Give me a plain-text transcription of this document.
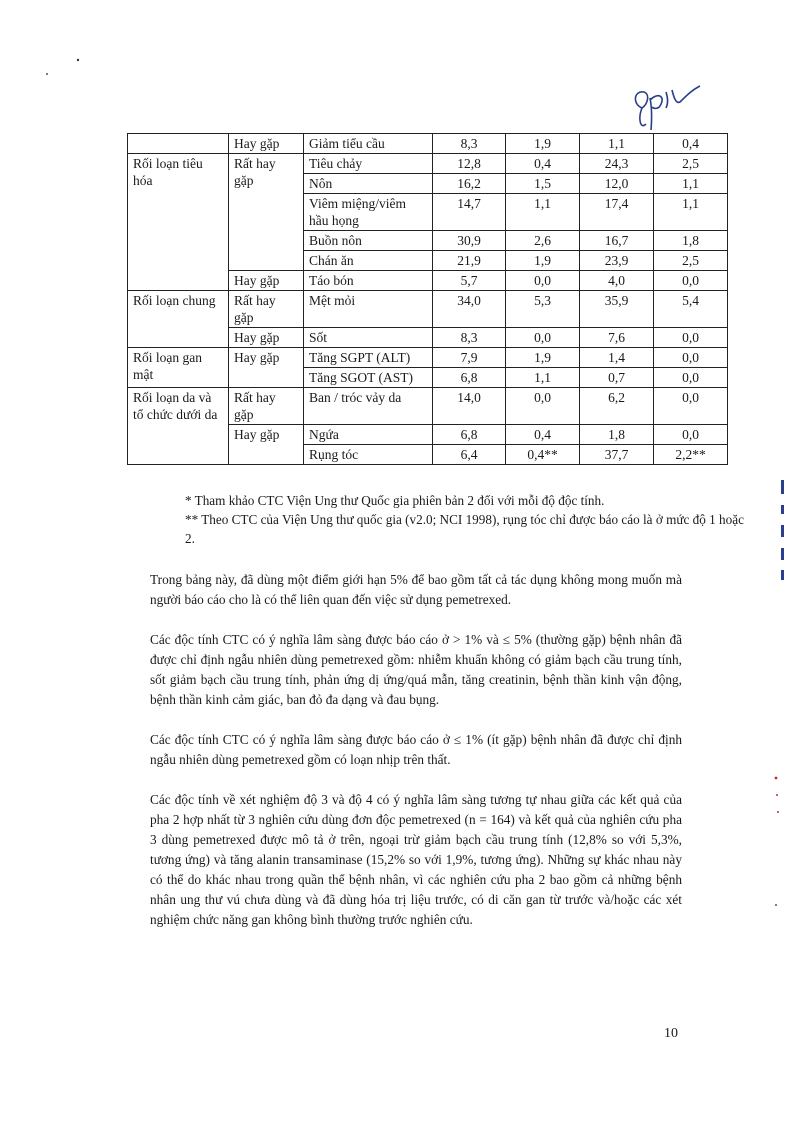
	Hay gặp	Giảm tiểu cầu	8,3	1,9	1,1	0,4
Rối loạn tiêu hóa	Rất hay gặp	Tiêu chảy	12,8	0,4	24,3	2,5
		Nôn	16,2	1,5	12,0	1,1
		Viêm miệng/viêm hầu họng	14,7	1,1	17,4	1,1
		Buồn nôn	30,9	2,6	16,7	1,8
		Chán ăn	21,9	1,9	23,9	2,5
	Hay gặp	Táo bón	5,7	0,0	4,0	0,0
Rối loạn chung	Rất hay gặp	Mệt mỏi	34,0	5,3	35,9	5,4
	Hay gặp	Sốt	8,3	0,0	7,6	0,0
Rối loạn gan mật	Hay gặp	Tăng SGPT (ALT)	7,9	1,9	1,4	0,0
		Tăng SGOT (AST)	6,8	1,1	0,7	0,0
Rối loạn da và tổ chức dưới da	Rất hay gặp	Ban / tróc vảy da	14,0	0,0	6,2	0,0
	Hay gặp	Ngứa	6,8	0,4	1,8	0,0
		Rụng tóc	6,4	0,4**	37,7	2,2**

* Tham khảo CTC Viện Ung thư Quốc gia phiên bản 2 đối với mỗi độ độc tính.

** Theo CTC của Viện Ung thư quốc gia (v2.0; NCI 1998), rụng tóc chỉ được báo cáo là ở mức độ 1 hoặc 2.

Trong bảng này, đã dùng một điểm giới hạn 5% để bao gồm tất cả tác dụng không mong muốn mà người báo cáo cho là có thể liên quan đến việc sử dụng pemetrexed.

Các độc tính CTC có ý nghĩa lâm sàng được báo cáo ở > 1% và ≤ 5% (thường gặp) bệnh nhân đã được chỉ định ngẫu nhiên dùng pemetrexed gồm: nhiễm khuẩn không có giảm bạch cầu trung tính, sốt giảm bạch cầu trung tính, phản ứng dị ứng/quá mẫn, tăng creatinin, bệnh thần kinh vận động, bệnh thần kinh cảm giác, ban đỏ đa dạng và đau bụng.

Các độc tính CTC có ý nghĩa lâm sàng được báo cáo ở ≤ 1% (ít gặp) bệnh nhân đã được chỉ định ngẫu nhiên dùng pemetrexed gồm có loạn nhịp trên thất.

Các độc tính về xét nghiệm độ 3 và độ 4 có ý nghĩa lâm sàng tương tự nhau giữa các kết quả của pha 2 hợp nhất từ 3 nghiên cứu dùng đơn độc pemetrexed (n = 164) và kết quả của nghiên cứu pha 3 dùng pemetrexed được mô tả ở trên, ngoại trừ giảm bạch cầu trung tính (12,8% so với 5,3%, tương ứng) và tăng alanin transaminase (15,2% so với 1,9%, tương ứng). Những sự khác nhau này có thể do khác nhau trong quần thể bệnh nhân, vì các nghiên cứu pha 2 bao gồm cả những bệnh nhân ung thư vú chưa dùng và đã dùng hóa trị liệu trước, có di căn gan từ trước và/hoặc các xét nghiệm chức năng gan không bình thường trước nghiên cứu.

10
